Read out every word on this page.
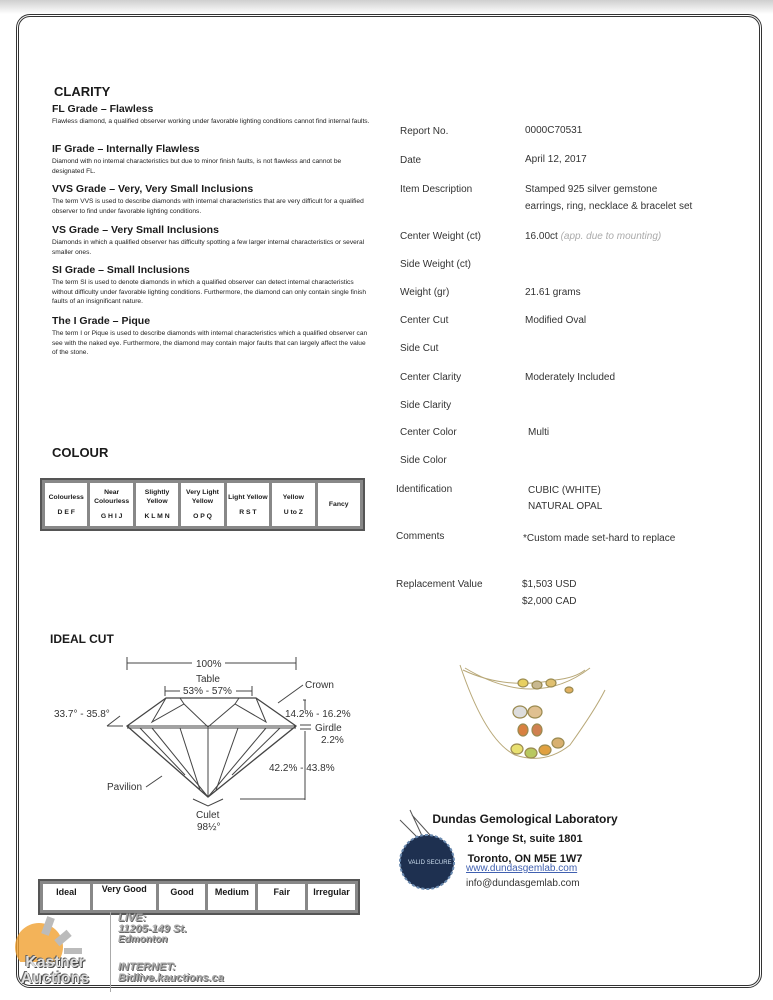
CLARITY
FL Grade – Flawless
Flawless diamond, a qualified observer working under favorable lighting conditions cannot find internal faults.
IF Grade – Internally Flawless
Diamond with no internal characteristics but due to minor finish faults, is not flawless and cannot be designated FL.
VVS Grade – Very, Very Small Inclusions
The term VVS is used to describe diamonds with internal characteristics that are very difficult for a qualified observer to find under favorable lighting conditions.
VS Grade – Very Small Inclusions
Diamonds in which a qualified observer has difficulty spotting a few larger internal characteristics or several smaller ones.
SI Grade – Small Inclusions
The term SI is used to denote diamonds in which a qualified observer can detect internal characteristics without difficulty under favorable lighting conditions. Furthermore, the diamond can only contain single finish faults of an insignificant nature.
The I Grade – Pique
The term I or Pique is used to describe diamonds with internal characteristics which a qualified observer can see with the naked eye. Furthermore, the diamond may contain major faults that can largely affect the value of the stone.
COLOUR
Colourless
D E F
Near Colourless
G H I J
Slightly Yellow
K L M N
Very Light Yellow
O P Q
Light Yellow
R S T
Yellow
U to Z
Fancy
IDEAL CUT
100%
Table
53% - 57%
Crown
33.7° - 35.8°	14.2% - 16.2%
Girdle
2.2%
42.2% - 43.8%
Pavilion
Culet
98½°
Ideal	Very Good	Good	Medium	Fair	Irregular
Report No.	0000C70531
Date	April 12, 2017
Item Description	Stamped 925 silver gemstone
earrings, ring, necklace & bracelet set
Center Weight (ct)	16.00ct (app. due to mounting)
Side Weight (ct)
Weight (gr)	21.61 grams
Center Cut	Modified Oval
Side Cut
Center Clarity	Moderately Included
Side Clarity
Center Color	Multi
Side Color
Identification	CUBIC (WHITE)
NATURAL OPAL
Comments	*Custom made set-hard to replace
Replacement Value	$1,503 USD
$2,000 CAD
VALID SECURE
Dundas Gemological Laboratory
1 Yonge St, suite 1801
Toronto, ON M5E 1W7
www.dundasgemlab.com
info@dundasgemlab.com
Kastner Auctions
LIVE:
11205-149 St.
Edmonton
INTERNET:
Bidlive.kauctions.ca
